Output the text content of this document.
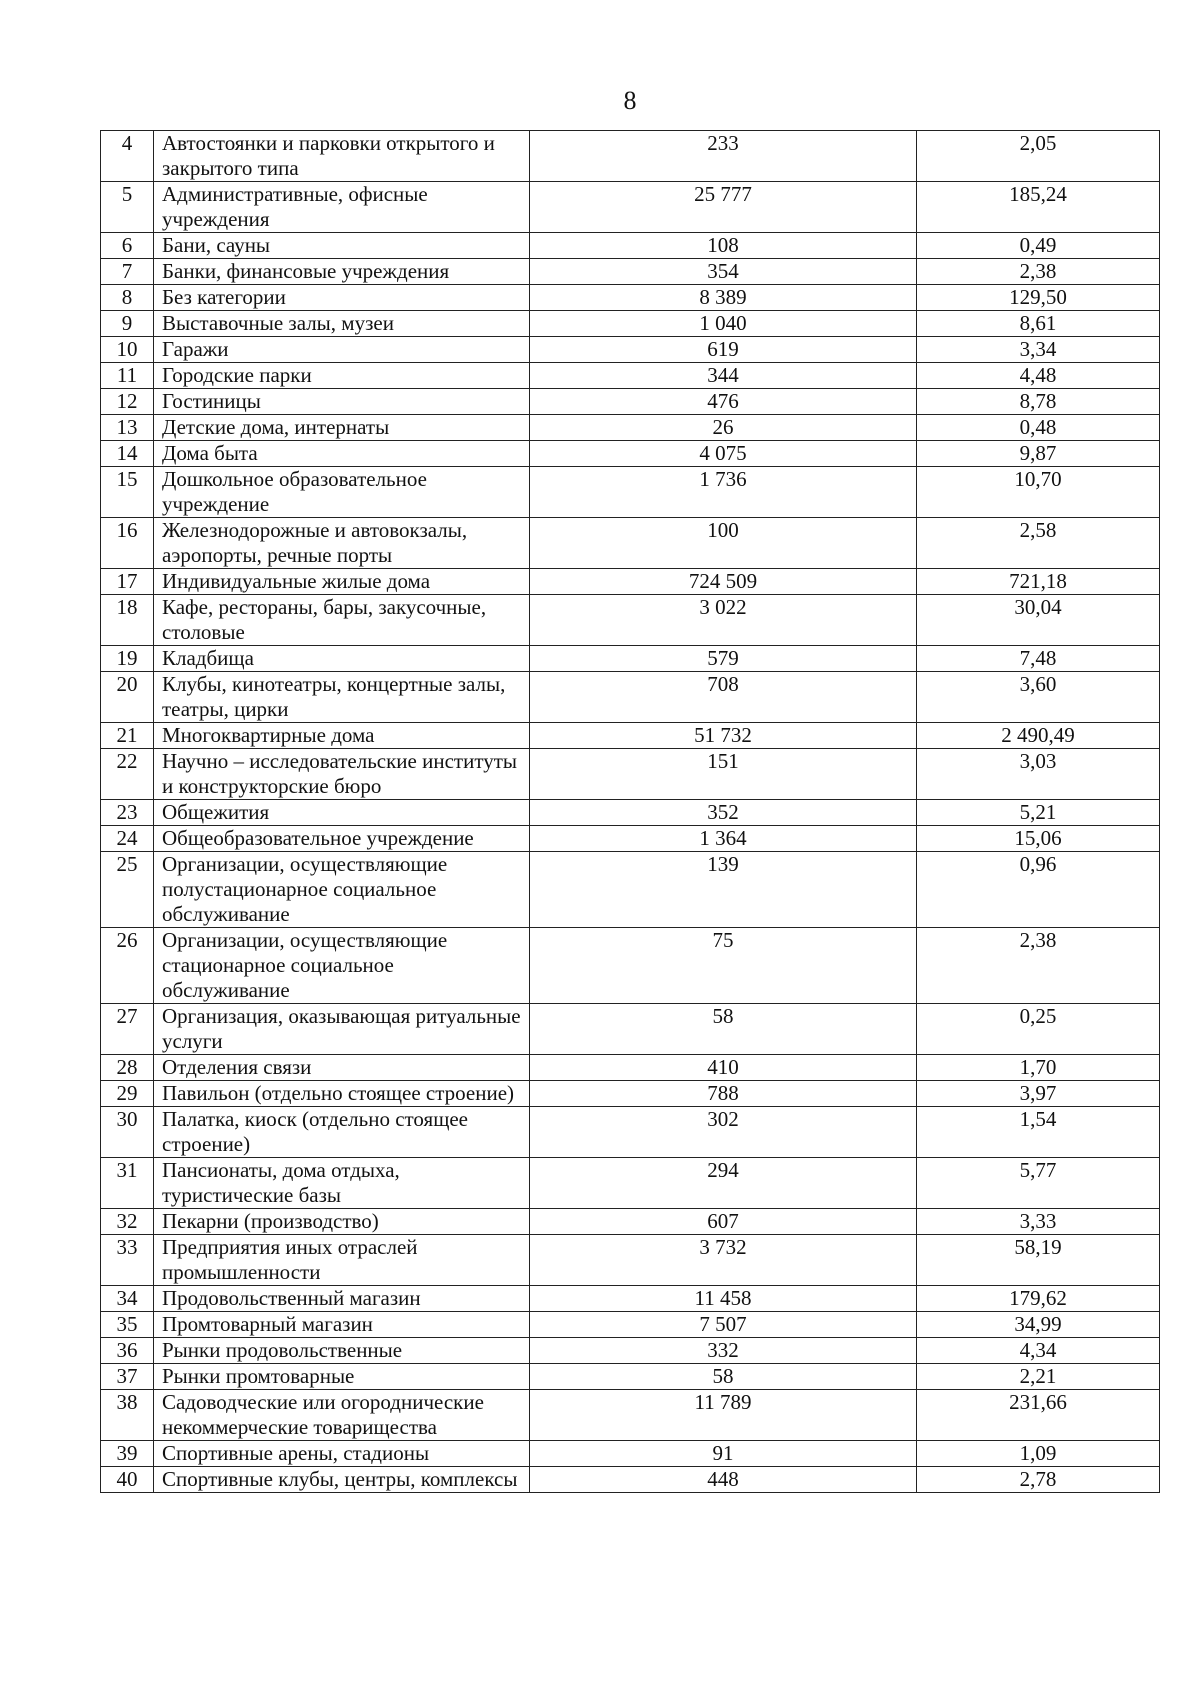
8
4	Автостоянки и парковки открытого и закрытого типа	233	2,05
5	Административные, офисные учреждения	25 777	185,24
6	Бани, сауны	108	0,49
7	Банки, финансовые учреждения	354	2,38
8	Без категории	8 389	129,50
9	Выставочные залы, музеи	1 040	8,61
10	Гаражи	619	3,34
11	Городские парки	344	4,48
12	Гостиницы	476	8,78
13	Детские дома, интернаты	26	0,48
14	Дома быта	4 075	9,87
15	Дошкольное образовательное учреждение	1 736	10,70
16	Железнодорожные и автовокзалы, аэропорты, речные порты	100	2,58
17	Индивидуальные жилые дома	724 509	721,18
18	Кафе, рестораны, бары, закусочные, столовые	3 022	30,04
19	Кладбища	579	7,48
20	Клубы, кинотеатры, концертные залы, театры, цирки	708	3,60
21	Многоквартирные дома	51 732	2 490,49
22	Научно – исследовательские институты и конструкторские бюро	151	3,03
23	Общежития	352	5,21
24	Общеобразовательное учреждение	1 364	15,06
25	Организации, осуществляющие полустационарное социальное обслуживание	139	0,96
26	Организации, осуществляющие стационарное социальное обслуживание	75	2,38
27	Организация, оказывающая ритуальные услуги	58	0,25
28	Отделения связи	410	1,70
29	Павильон (отдельно стоящее строение)	788	3,97
30	Палатка, киоск (отдельно стоящее строение)	302	1,54
31	Пансионаты, дома отдыха, туристические базы	294	5,77
32	Пекарни (производство)	607	3,33
33	Предприятия иных отраслей промышленности	3 732	58,19
34	Продовольственный магазин	11 458	179,62
35	Промтоварный магазин	7 507	34,99
36	Рынки продовольственные	332	4,34
37	Рынки промтоварные	58	2,21
38	Садоводческие или огороднические некоммерческие товарищества	11 789	231,66
39	Спортивные арены, стадионы	91	1,09
40	Спортивные клубы, центры, комплексы	448	2,78
